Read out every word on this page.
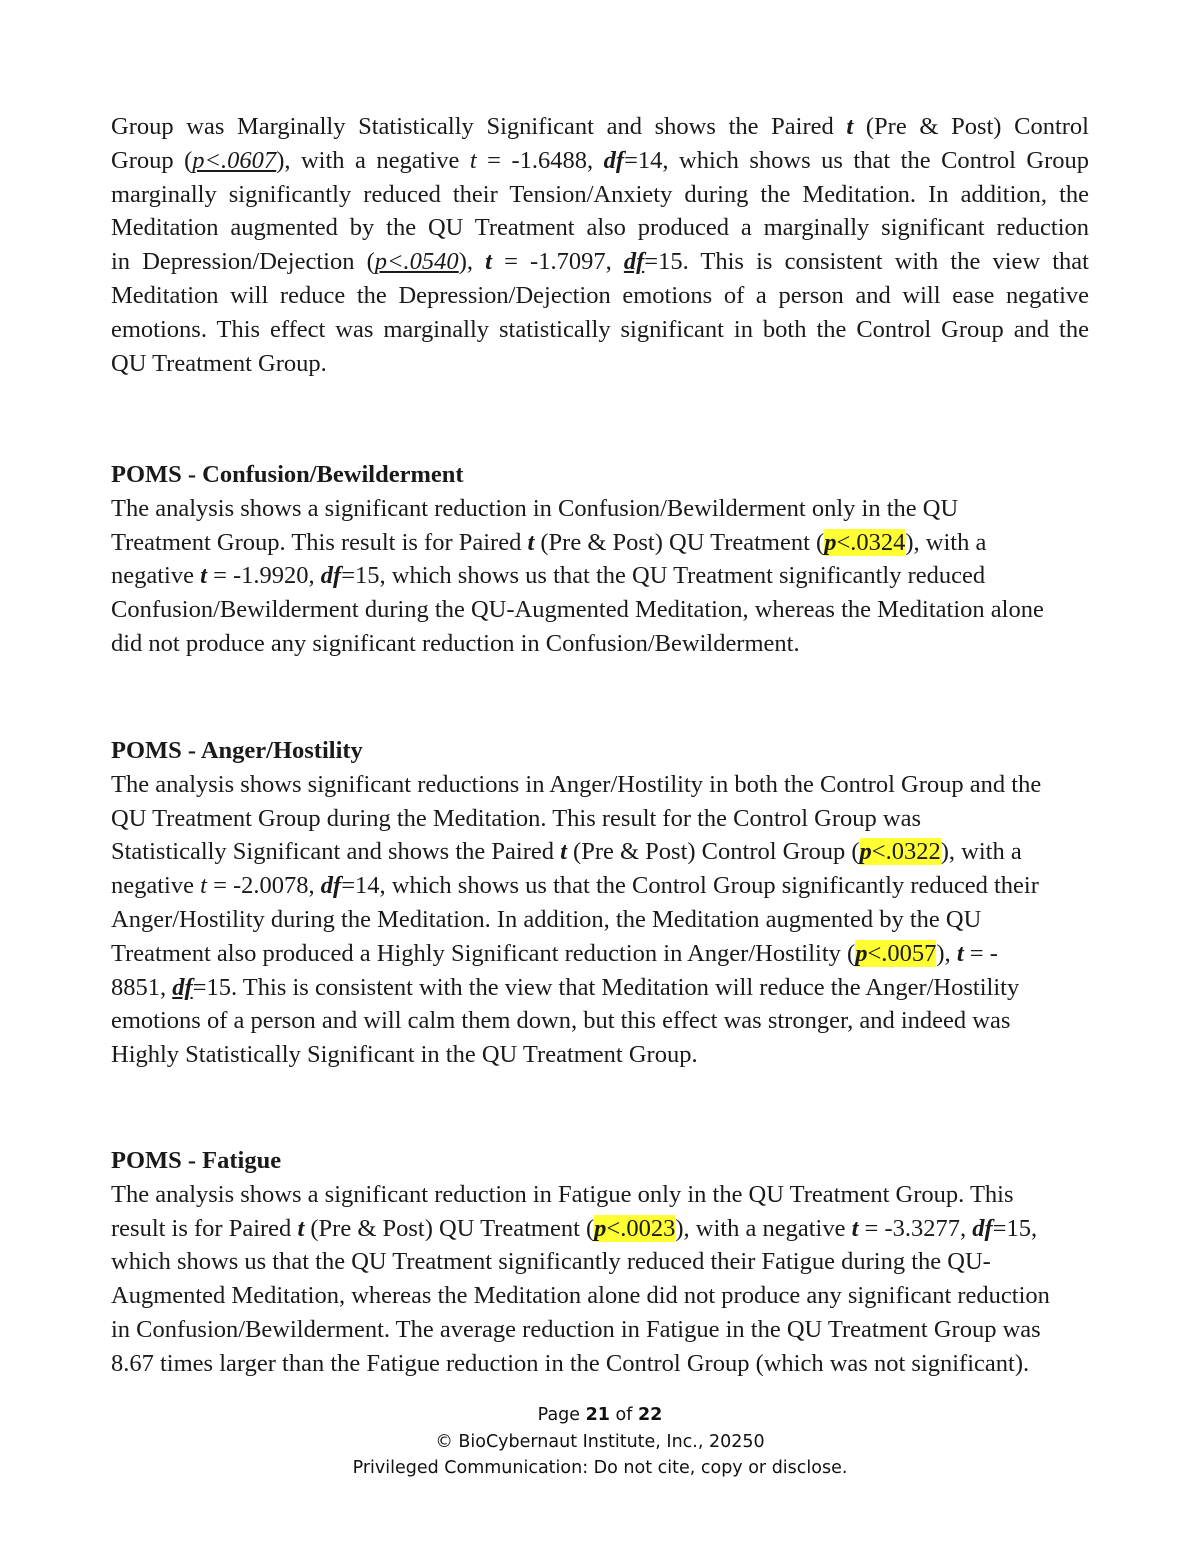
Group was Marginally Statistically Significant and shows the Paired t (Pre & Post) Control
Group (p<.0607), with a negative t = -1.6488, df=14, which shows us that the Control Group
marginally significantly reduced their Tension/Anxiety during the Meditation. In addition, the
Meditation augmented by the QU Treatment also produced a marginally significant reduction
in Depression/Dejection (p<.0540), t = -1.7097, df=15. This is consistent with the view that
Meditation will reduce the Depression/Dejection emotions of a person and will ease negative
emotions. This effect was marginally statistically significant in both the Control Group and the
QU Treatment Group.
POMS - Confusion/Bewilderment
The analysis shows a significant reduction in Confusion/Bewilderment only in the QU
Treatment Group. This result is for Paired t (Pre & Post) QU Treatment (p<.0324), with a
negative t = -1.9920, df=15, which shows us that the QU Treatment significantly reduced
Confusion/Bewilderment during the QU-Augmented Meditation, whereas the Meditation alone
did not produce any significant reduction in Confusion/Bewilderment.
POMS - Anger/Hostility
The analysis shows significant reductions in Anger/Hostility in both the Control Group and the
QU Treatment Group during the Meditation. This result for the Control Group was
Statistically Significant and shows the Paired t (Pre & Post) Control Group (p<.0322), with a
negative t = -2.0078, df=14, which shows us that the Control Group significantly reduced their
Anger/Hostility during the Meditation. In addition, the Meditation augmented by the QU
Treatment also produced a Highly Significant reduction in Anger/Hostility (p<.0057), t = -
8851, df=15. This is consistent with the view that Meditation will reduce the Anger/Hostility
emotions of a person and will calm them down, but this effect was stronger, and indeed was
Highly Statistically Significant in the QU Treatment Group.
POMS - Fatigue
The analysis shows a significant reduction in Fatigue only in the QU Treatment Group. This
result is for Paired t (Pre & Post) QU Treatment (p<.0023), with a negative t = -3.3277, df=15,
which shows us that the QU Treatment significantly reduced their Fatigue during the QU-
Augmented Meditation, whereas the Meditation alone did not produce any significant reduction
in Confusion/Bewilderment. The average reduction in Fatigue in the QU Treatment Group was
8.67 times larger than the Fatigue reduction in the Control Group (which was not significant).
Page 21 of 22
© BioCybernaut Institute, Inc., 20250
Privileged Communication: Do not cite, copy or disclose.
